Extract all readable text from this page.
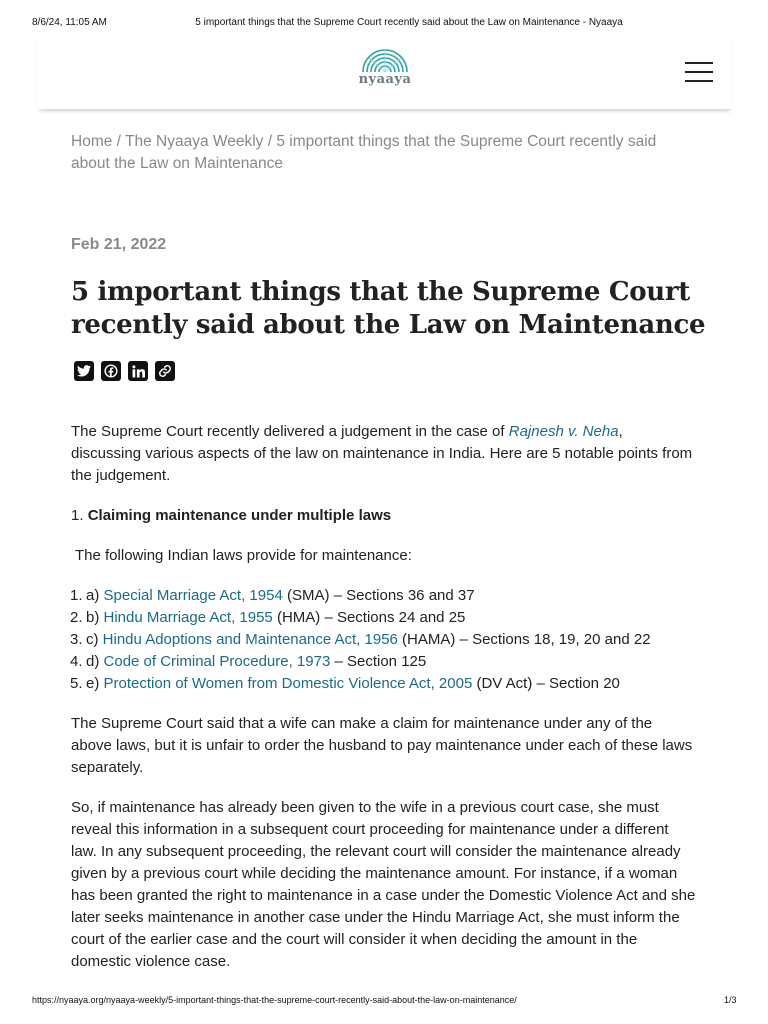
8/6/24, 11:05 AM	5 important things that the Supreme Court recently said about the Law on Maintenance - Nyaaya
nyaaya
Home / The Nyaaya Weekly / 5 important things that the Supreme Court recently said about the Law on Maintenance
Feb 21, 2022
5 important things that the Supreme Court recently said about the Law on Maintenance

The Supreme Court recently delivered a judgement in the case of Rajnesh v. Neha, discussing various aspects of the law on maintenance in India. Here are 5 notable points from the judgement.

1. Claiming maintenance under multiple laws

The following Indian laws provide for maintenance:

1. a) Special Marriage Act, 1954 (SMA) – Sections 36 and 37
2. b) Hindu Marriage Act, 1955 (HMA) – Sections 24 and 25
3. c) Hindu Adoptions and Maintenance Act, 1956 (HAMA) – Sections 18, 19, 20 and 22
4. d) Code of Criminal Procedure, 1973 – Section 125
5. e) Protection of Women from Domestic Violence Act, 2005 (DV Act) – Section 20

The Supreme Court said that a wife can make a claim for maintenance under any of the above laws, but it is unfair to order the husband to pay maintenance under each of these laws separately.

So, if maintenance has already been given to the wife in a previous court case, she must reveal this information in a subsequent court proceeding for maintenance under a different law. In any subsequent proceeding, the relevant court will consider the maintenance already given by a previous court while deciding the maintenance amount. For instance, if a woman has been granted the right to maintenance in a case under the Domestic Violence Act and she later seeks maintenance in another case under the Hindu Marriage Act, she must inform the court of the earlier case and the court will consider it when deciding the amount in the domestic violence case.

https://nyaaya.org/nyaaya-weekly/5-important-things-that-the-supreme-court-recently-said-about-the-law-on-maintenance/	1/3
